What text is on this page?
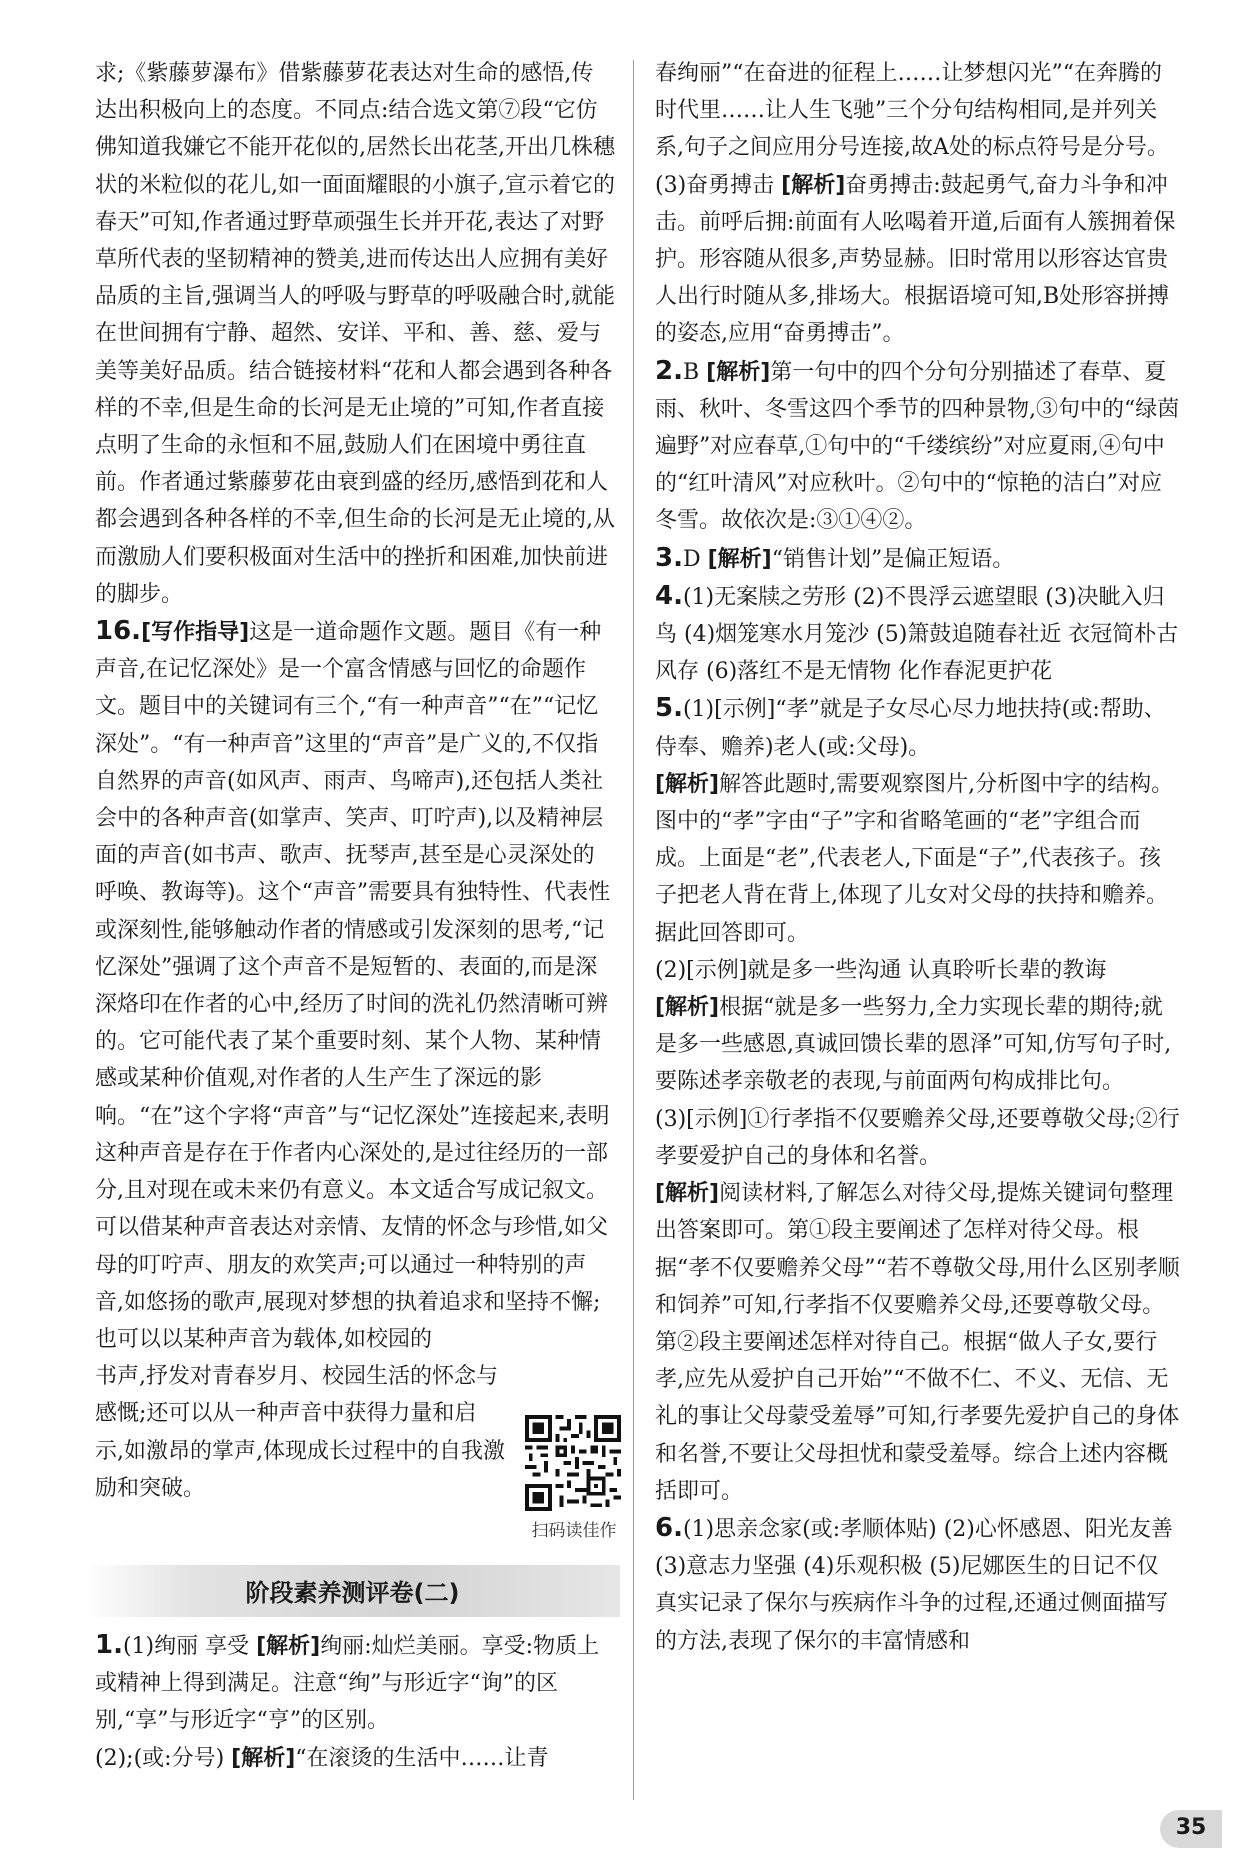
求;《紫藤萝瀑布》借紫藤萝花表达对生命的感悟,传达出积极向上的态度。不同点:结合选文第⑦段“它仿佛知道我嫌它不能开花似的,居然长出花茎,开出几株穗状的米粒似的花儿,如一面面耀眼的小旗子,宣示着它的春天”可知,作者通过野草顽强生长并开花,表达了对野草所代表的坚韧精神的赞美,进而传达出人应拥有美好品质的主旨,强调当人的呼吸与野草的呼吸融合时,就能在世间拥有宁静、超然、安详、平和、善、慈、爱与美等美好品质。结合链接材料“花和人都会遇到各种各样的不幸,但是生命的长河是无止境的”可知,作者直接点明了生命的永恒和不屈,鼓励人们在困境中勇往直前。作者通过紫藤萝花由衰到盛的经历,感悟到花和人都会遇到各种各样的不幸,但生命的长河是无止境的,从而激励人们要积极面对生活中的挫折和困难,加快前进的脚步。

16.[写作指导]这是一道命题作文题。题目《有一种声音,在记忆深处》是一个富含情感与回忆的命题作文。题目中的关键词有三个,“有一种声音”“在”“记忆深处”。“有一种声音”这里的“声音”是广义的,不仅指自然界的声音(如风声、雨声、鸟啼声),还包括人类社会中的各种声音(如掌声、笑声、叮咛声),以及精神层面的声音(如书声、歌声、抚琴声,甚至是心灵深处的呼唤、教诲等)。这个“声音”需要具有独特性、代表性或深刻性,能够触动作者的情感或引发深刻的思考,“记忆深处”强调了这个声音不是短暂的、表面的,而是深深烙印在作者的心中,经历了时间的洗礼仍然清晰可辨的。它可能代表了某个重要时刻、某个人物、某种情感或某种价值观,对作者的人生产生了深远的影响。“在”这个字将“声音”与“记忆深处”连接起来,表明这种声音是存在于作者内心深处的,是过往经历的一部分,且对现在或未来仍有意义。本文适合写成记叙文。可以借某种声音表达对亲情、友情的怀念与珍惜,如父母的叮咛声、朋友的欢笑声;可以通过一种特别的声音,如悠扬的歌声,展现对梦想的执着追求和坚持不懈;也可以以某种声音为载体,如校园的

书声,抒发对青春岁月、校园生活的怀念与感慨;还可以从一种声音中获得力量和启示,如激昂的掌声,体现成长过程中的自我激励和突破。

扫码读佳作
阶段素养测评卷(二)

1.(1)绚丽 享受 [解析]绚丽:灿烂美丽。享受:物质上或精神上得到满足。注意“绚”与形近字“询”的区别,“享”与形近字“亨”的区别。

(2);(或:分号) [解析]“在滚烫的生活中……让青

春绚丽”“在奋进的征程上……让梦想闪光”“在奔腾的时代里……让人生飞驰”三个分句结构相同,是并列关系,句子之间应用分号连接,故A处的标点符号是分号。

(3)奋勇搏击 [解析]奋勇搏击:鼓起勇气,奋力斗争和冲击。前呼后拥:前面有人吆喝着开道,后面有人簇拥着保护。形容随从很多,声势显赫。旧时常用以形容达官贵人出行时随从多,排场大。根据语境可知,B处形容拼搏的姿态,应用“奋勇搏击”。

2.B [解析]第一句中的四个分句分别描述了春草、夏雨、秋叶、冬雪这四个季节的四种景物,③句中的“绿茵遍野”对应春草,①句中的“千缕缤纷”对应夏雨,④句中的“红叶清风”对应秋叶。②句中的“惊艳的洁白”对应冬雪。故依次是:③①④②。

3.D [解析]“销售计划”是偏正短语。

4.(1)无案牍之劳形 (2)不畏浮云遮望眼 (3)决眦入归鸟 (4)烟笼寒水月笼沙 (5)箫鼓追随春社近 衣冠简朴古风存 (6)落红不是无情物 化作春泥更护花

5.(1)[示例]“孝”就是子女尽心尽力地扶持(或:帮助、侍奉、赡养)老人(或:父母)。

[解析]解答此题时,需要观察图片,分析图中字的结构。图中的“孝”字由“子”字和省略笔画的“老”字组合而成。上面是“老”,代表老人,下面是“子”,代表孩子。孩子把老人背在背上,体现了儿女对父母的扶持和赡养。据此回答即可。

(2)[示例]就是多一些沟通 认真聆听长辈的教诲

[解析]根据“就是多一些努力,全力实现长辈的期待;就是多一些感恩,真诚回馈长辈的恩泽”可知,仿写句子时,要陈述孝亲敬老的表现,与前面两句构成排比句。

(3)[示例]①行孝指不仅要赡养父母,还要尊敬父母;②行孝要爱护自己的身体和名誉。

[解析]阅读材料,了解怎么对待父母,提炼关键词句整理出答案即可。第①段主要阐述了怎样对待父母。根据“孝不仅要赡养父母”“若不尊敬父母,用什么区别孝顺和饲养”可知,行孝指不仅要赡养父母,还要尊敬父母。第②段主要阐述怎样对待自己。根据“做人子女,要行孝,应先从爱护自己开始”“不做不仁、不义、无信、无礼的事让父母蒙受羞辱”可知,行孝要先爱护自己的身体和名誉,不要让父母担忧和蒙受羞辱。综合上述内容概括即可。

6.(1)思亲念家(或:孝顺体贴) (2)心怀感恩、阳光友善 (3)意志力坚强 (4)乐观积极 (5)尼娜医生的日记不仅真实记录了保尔与疾病作斗争的过程,还通过侧面描写的方法,表现了保尔的丰富情感和

35
